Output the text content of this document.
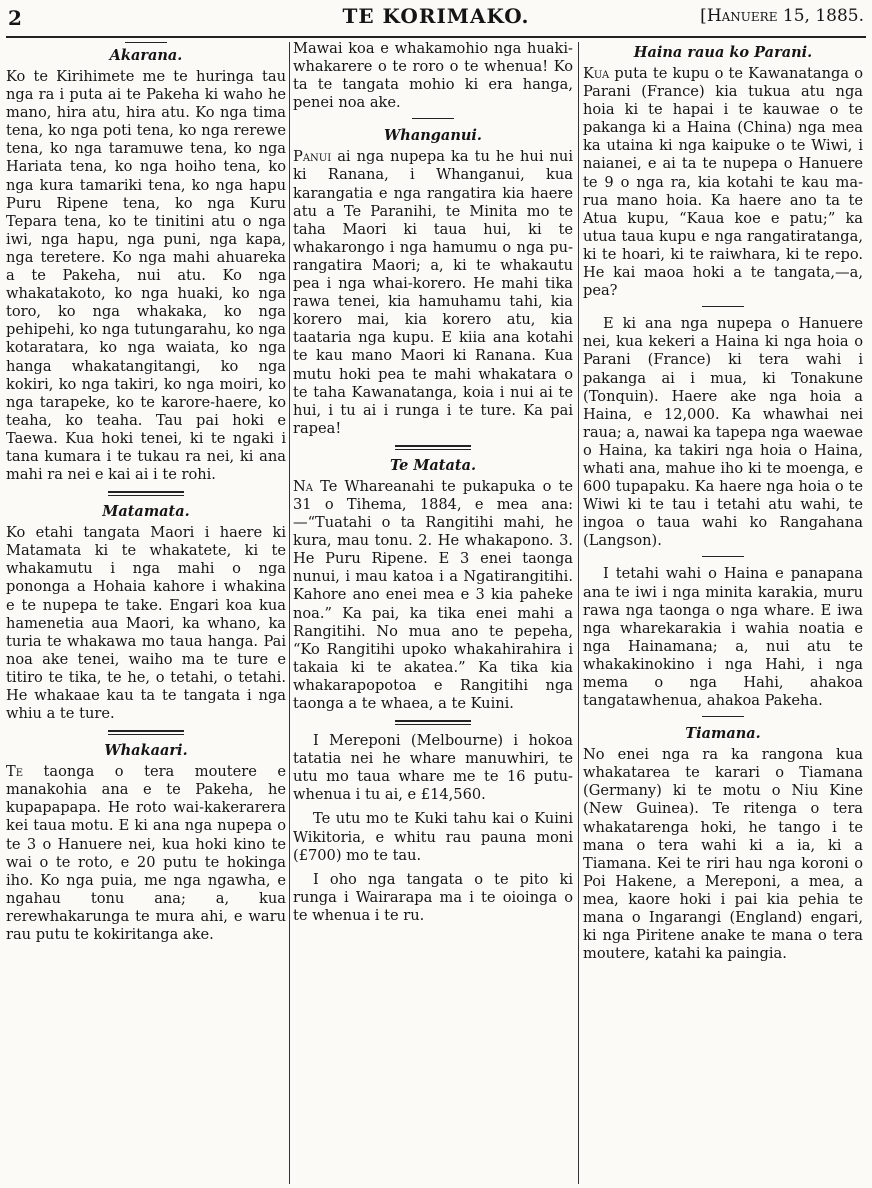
2	TE KORIMAKO.	[Hanuere 15, 1885.
Akarana.

Ko te Kirihimete me te huringa tau nga ra i puta ai te Pakeha ki waho he mano, hira atu, hira atu. Ko nga tima tena, ko nga poti tena, ko nga rerewe tena, ko nga taramuwe tena, ko nga Hariata tena, ko nga hoiho tena, ko nga kura tamariki tena, ko nga hapu Puru Ripene tena, ko nga Kuru Tepara tena, ko te tinitini atu o nga iwi, nga hapu, nga puni, nga kapa, nga teretere. Ko nga mahi ahuareka a te Pakeha, nui atu. Ko nga whakatakoto, ko nga huaki, ko nga toro, ko nga whakaka, ko nga pehipehi, ko nga tutungarahu, ko nga kotaratara, ko nga waiata, ko nga hanga whakatangitangi, ko nga kokiri, ko nga takiri, ko nga moiri, ko nga tarapeke, ko te karore-haere, ko teaha, ko teaha. Tau pai hoki e Taewa. Kua hoki tenei, ki te ngaki i tana kumara i te tukau ra nei, ki ana mahi ra nei e kai ai i te rohi.

Matamata.

Ko etahi tangata Maori i haere ki Matamata ki te whakatete, ki te whakamutu i nga mahi o nga pononga a Hohaia kahore i whakina e te nupepa te take. Engari koa kua hamenetia aua Maori, ka whano, ka turia te whakawa mo taua hanga. Pai noa ake tenei, waiho ma te ture e titiro te tika, te he, o tetahi, o tetahi. He whakaae kau ta te tangata i nga whiu a te ture.

Whakaari.

Te taonga o tera moutere e manakohia ana e te Pakeha, he kupapapapa. He roto wai-kakerarera kei taua motu. E ki ana nga nupepa o te 3 o Hanuere nei, kua hoki kino te wai o te roto, e 20 putu te hokinga iho. Ko nga puia, me nga ngawha, e ngahau tonu ana; a, kua rerewhakarunga te mura ahi, e waru rau putu te kokiritanga ake.

Mawai koa e whakamohio nga huaki-whakarere o te roro o te whenua! Ko ta te tangata mohio ki era hanga, penei noa ake.

Whanganui.

Panui ai nga nupepa ka tu he hui nui ki Ranana, i Whanganui, kua karangatia e nga rangatira kia haere atu a Te Paranihi, te Minita mo te taha Maori ki taua hui, ki te whakarongo i nga hamumu o nga pu-rangatira Maori; a, ki te whakautu pea i nga whai-korero. He mahi tika rawa tenei, kia hamuhamu tahi, kia korero mai, kia korero atu, kia taataria nga kupu. E kiia ana kotahi te kau mano Maori ki Ranana. Kua mutu hoki pea te mahi whakatara o te taha Kawanatanga, koia i nui ai te hui, i tu ai i runga i te ture. Ka pai rapea!

Te Matata.

Na Te Whareanahi te pukapuka o te 31 o Tihema, 1884, e mea ana:—“Tuatahi o ta Rangitihi mahi, he kura, mau tonu. 2. He whakapono. 3. He Puru Ripene. E 3 enei taonga nunui, i mau katoa i a Ngatirangitihi. Kahore ano enei mea e 3 kia paheke noa.” Ka pai, ka tika enei mahi a Rangitihi. No mua ano te pepeha, “Ko Rangitihi upoko whakahirahira i takaia ki te akatea.” Ka tika kia whakarapopotoa e Rangitihi nga taonga a te whaea, a te Kuini.

I Mereponi (Melbourne) i hokoa tatatia nei he whare manuwhiri, te utu mo taua whare me te 16 putu-whenua i tu ai, e £14,560.

Te utu mo te Kuki tahu kai o Kuini Wikitoria, e whitu rau pauna moni (£700) mo te tau.

I oho nga tangata o te pito ki runga i Wairarapa ma i te oioinga o te whenua i te ru.

Haina raua ko Parani.

Kua puta te kupu o te Kawanatanga o Parani (France) kia tukua atu nga hoia ki te hapai i te kauwae o te pakanga ki a Haina (China) nga mea ka utaina ki nga kaipuke o te Wiwi, i naianei, e ai ta te nupepa o Hanuere te 9 o nga ra, kia kotahi te kau ma-rua mano hoia. Ka haere ano ta te Atua kupu, “Kaua koe e patu;” ka utua taua kupu e nga rangatiratanga, ki te hoari, ki te raiwhara, ki te repo. He kai maoa hoki a te tangata,—a, pea?

E ki ana nga nupepa o Hanuere nei, kua kekeri a Haina ki nga hoia o Parani (France) ki tera wahi i pakanga ai i mua, ki Tonakune (Tonquin). Haere ake nga hoia a Haina, e 12,000. Ka whawhai nei raua; a, nawai ka tapepa nga waewae o Haina, ka takiri nga hoia o Haina, whati ana, mahue iho ki te moenga, e 600 tupapaku. Ka haere nga hoia o te Wiwi ki te tau i tetahi atu wahi, te ingoa o taua wahi ko Rangahana (Langson).

I tetahi wahi o Haina e panapana ana te iwi i nga minita karakia, muru rawa nga taonga o nga whare. E iwa nga wharekarakia i wahia noatia e nga Hainamana; a, nui atu te whakakinokino i nga Hahi, i nga mema o nga Hahi, ahakoa tangatawhenua, ahakoa Pakeha.

Tiamana.

No enei nga ra ka rangona kua whakatarea te karari o Tiamana (Germany) ki te motu o Niu Kine (New Guinea). Te ritenga o tera whakatarenga hoki, he tango i te mana o tera wahi ki a ia, ki a Tiamana. Kei te riri hau nga koroni o Poi Hakene, a Mereponi, a mea, a mea, kaore hoki i pai kia pehia te mana o Ingarangi (England) engari, ki nga Piritene anake te mana o tera moutere, katahi ka paingia.
